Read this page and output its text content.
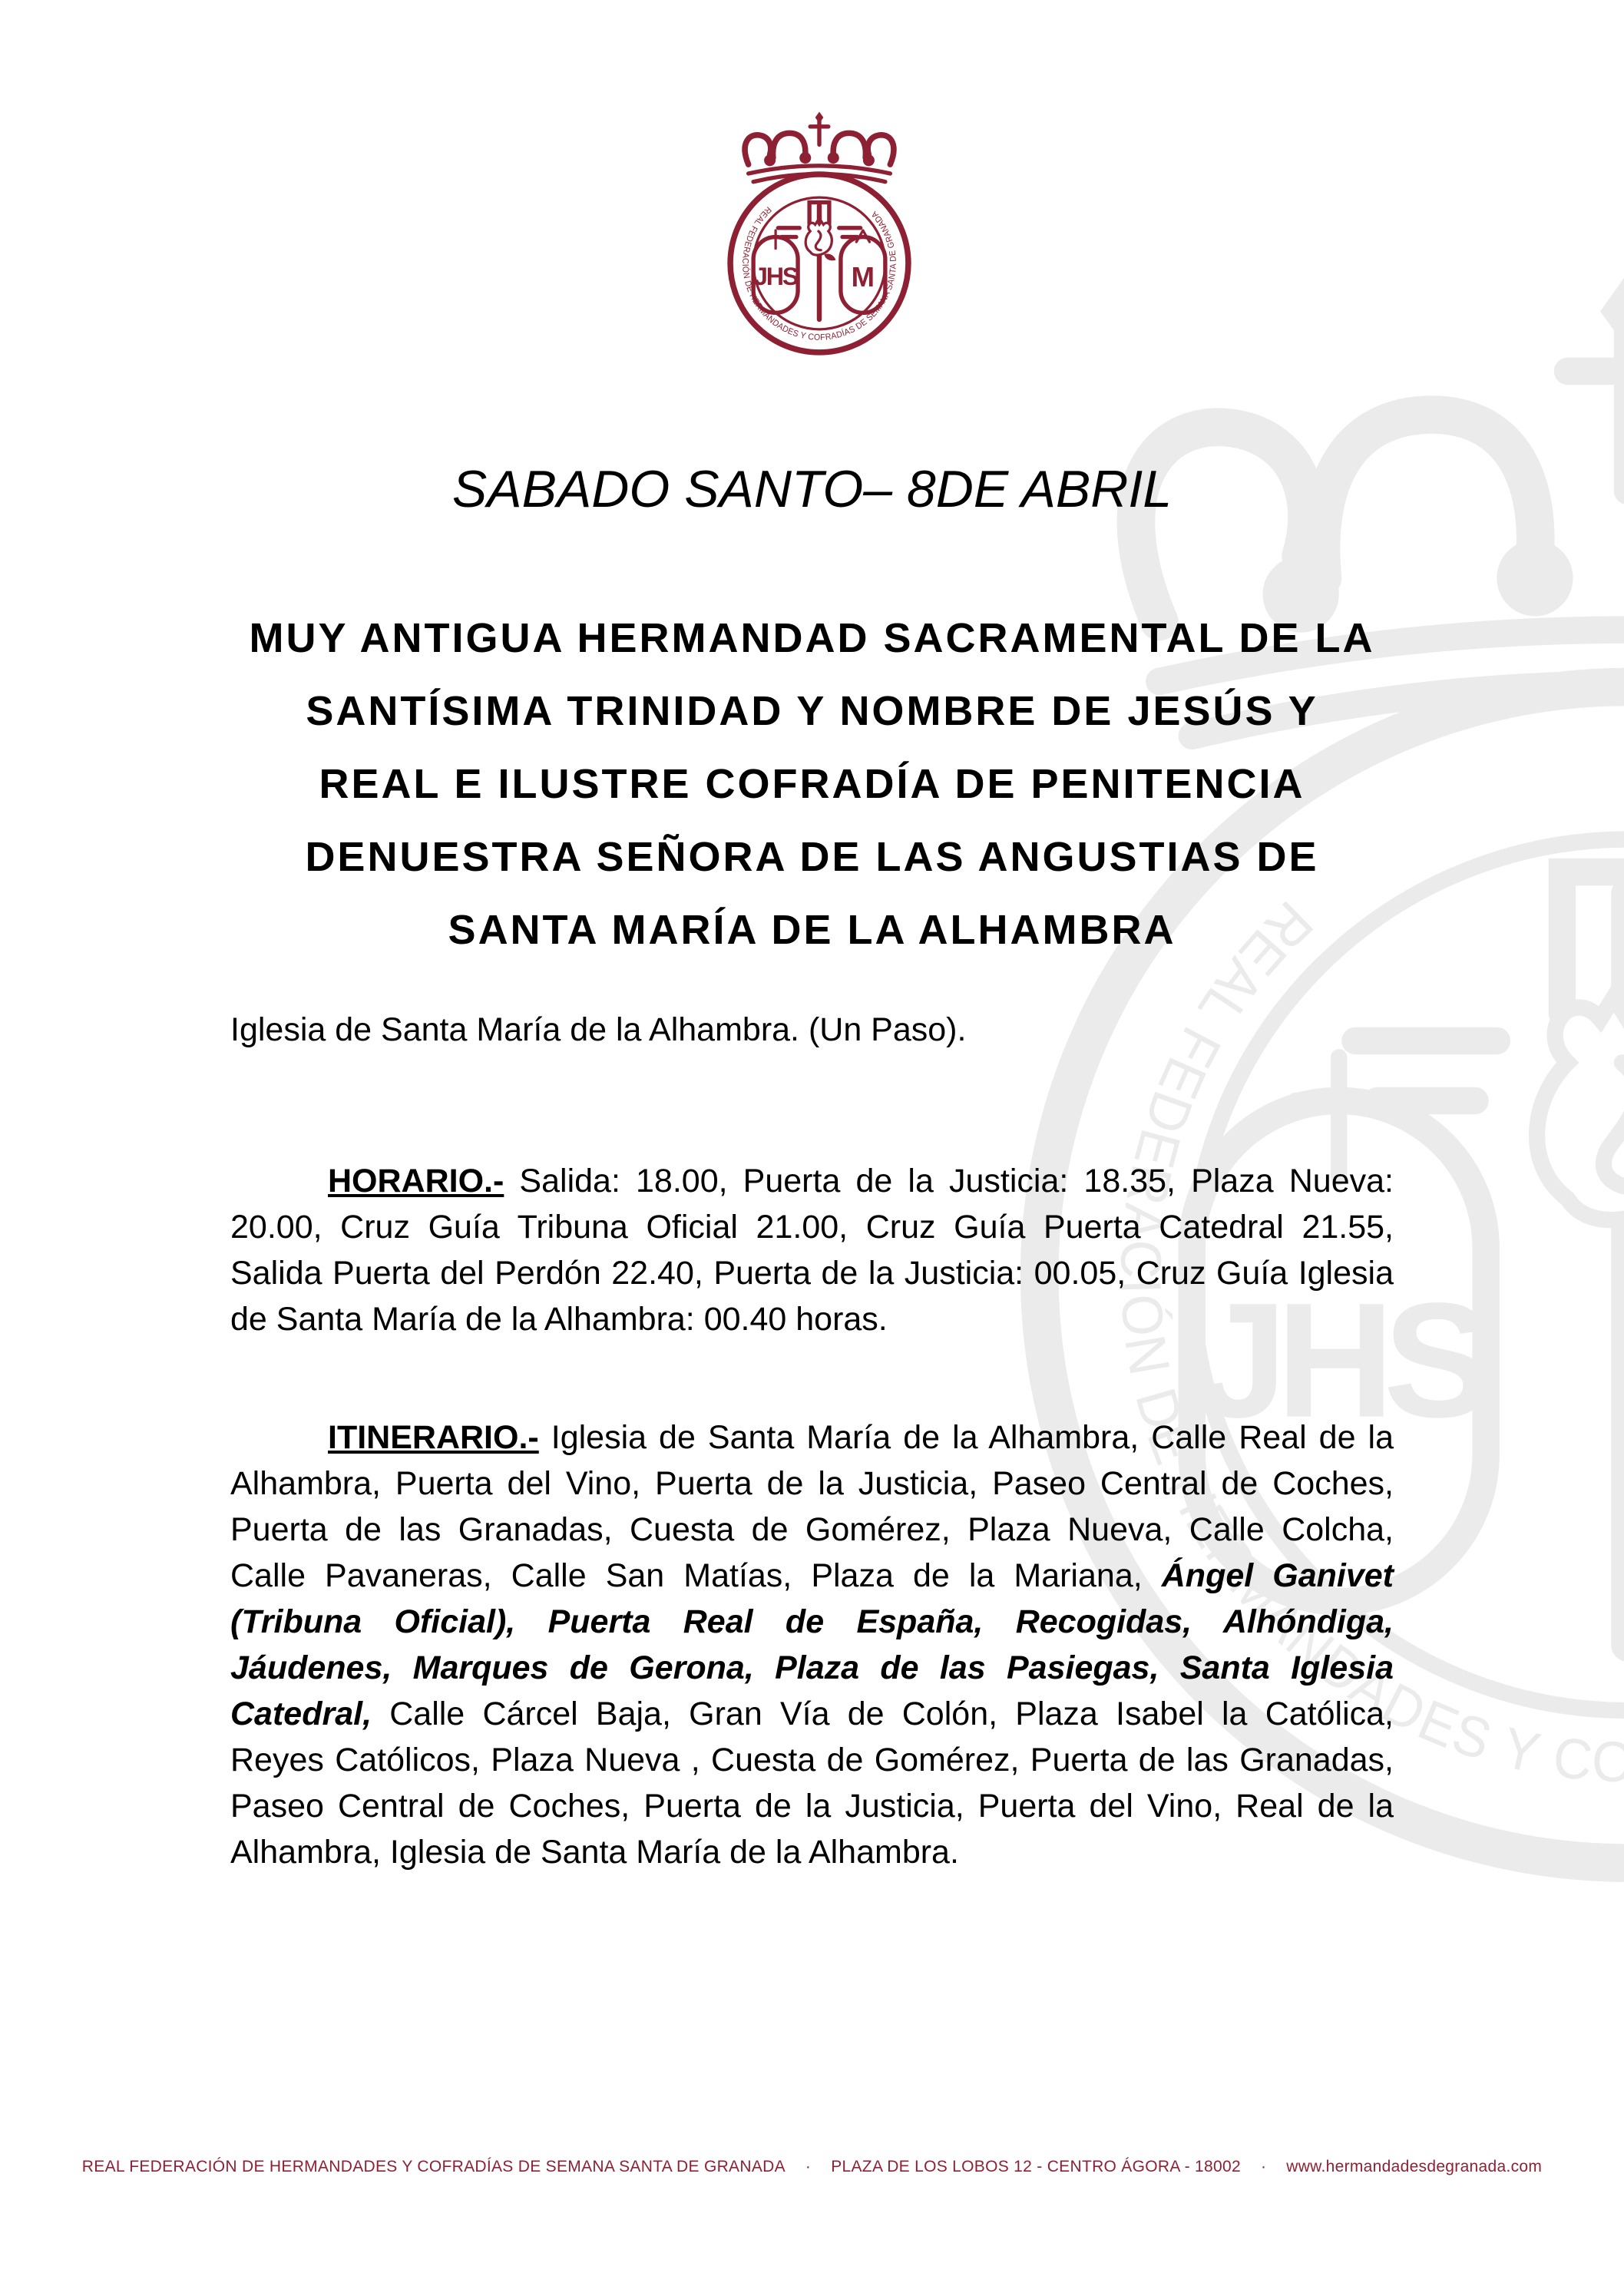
SABADO SANTO– 8DE ABRIL
MUY ANTIGUA HERMANDAD SACRAMENTAL DE LA
SANTÍSIMA TRINIDAD Y NOMBRE DE JESÚS Y
REAL E ILUSTRE COFRADÍA DE PENITENCIA
DENUESTRA SEÑORA DE LAS ANGUSTIAS DE
SANTA MARÍA DE LA ALHAMBRA
Iglesia de Santa María de la Alhambra. (Un Paso).

HORARIO.- Salida: 18.00, Puerta de la Justicia: 18.35, Plaza Nueva: 20.00, Cruz Guía Tribuna Oficial 21.00, Cruz Guía Puerta Catedral 21.55, Salida Puerta del Perdón 22.40, Puerta de la Justicia: 00.05, Cruz Guía Iglesia de Santa María de la Alhambra: 00.40 horas.

ITINERARIO.- Iglesia de Santa María de la Alhambra, Calle Real de la Alhambra, Puerta del Vino, Puerta de la Justicia, Paseo Central de Coches, Puerta de las Granadas, Cuesta de Gomérez, Plaza Nueva, Calle Colcha, Calle Pavaneras, Calle San Matías, Plaza de la Mariana, Ángel Ganivet (Tribuna Oficial), Puerta Real de España, Recogidas, Alhóndiga, Jáudenes, Marques de Gerona, Plaza de las Pasiegas, Santa Iglesia Catedral, Calle Cárcel Baja, Gran Vía de Colón, Plaza Isabel la Católica, Reyes Católicos, Plaza Nueva , Cuesta de Gomérez, Puerta de las Granadas, Paseo Central de Coches, Puerta de la Justicia, Puerta del Vino, Real de la Alhambra, Iglesia de Santa María de la Alhambra.

REAL FEDERACIÓN DE HERMANDADES Y COFRADÍAS DE SEMANA SANTA DE GRANADA · PLAZA DE LOS LOBOS 12 - CENTRO ÁGORA - 18002 · www.hermandadesdegranada.com
